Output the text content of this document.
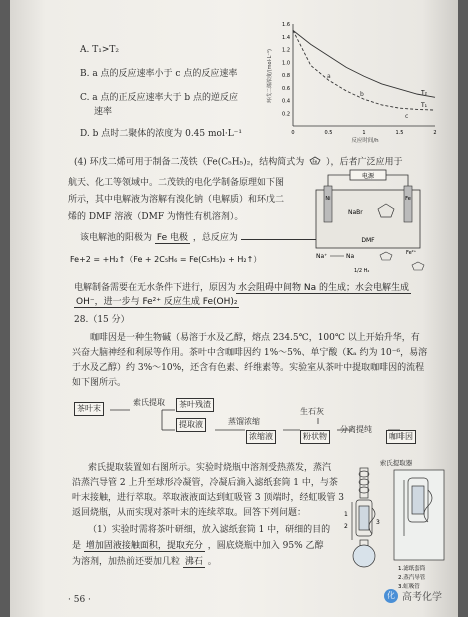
A. T₁>T₂
B. a 点的反应速率小于 c 点的反应速率
C. a 点的正反应速率大于 b 点的逆反应
速率
D. b 点时二聚体的浓度为 0.45 mol·L⁻¹
环戊二烯浓度/(mol·L⁻¹)
1.6
1.4
1.2
1.0
0.8
0.6
0.4
0.2
0	0.5	1	1.5	2
T₁
T₂
反应时间/h
a
b
c
(4) 环戊二烯可用于制备二茂铁（Fe(C₅H₅)₂，结构简式为 Fe ），后者广泛应用于
航天、化工等领域中。二茂铁的电化学制备原理如下图
所示，其中电解液为溶解有溴化钠（电解质）和环戊二
烯的 DMF 溶液（DMF 为惰性有机溶剂）。
该电解池的阳极为 Fe 电极 ，总反应为
Fe+2 = +H₂↑（Fe + 2C₅H₆ = Fe(C₅H₅)₂ + H₂↑）
电源
Ni	Fe
NaBr
DMF
Na⁺	Na
1/2 H₂
Fe²⁺
电解制备需要在无水条件下进行，原因为 水会阻碍中间物 Na 的生成；水会电解生成
OH⁻，进一步与 Fe²⁺ 反应生成 Fe(OH)₂
28.（15 分）
咖啡因是一种生物碱（易溶于水及乙醇，熔点 234.5℃，100℃ 以上开始升华，有
兴奋大脑神经和利尿等作用。茶叶中含咖啡因约 1%～5%、单宁酸（Kₐ 约为 10⁻⁶，易溶
于水及乙醇）约 3%～10%，还含有色素、纤维素等。实验室从茶叶中提取咖啡因的流程
如下图所示。
茶叶末
索氏提取	茶叶残渣
提取液	蒸馏浓缩
浓缩液
生石灰
粉状物
分离提纯
咖啡因
索氏提取装置如右图所示。实验时烧瓶中溶剂受热蒸发，蒸汽
沿蒸汽导管 2 上升至球形冷凝管，冷凝后滴入滤纸套筒 1 中，与茶
叶末接触，进行萃取。萃取液液面达到虹吸管 3 顶端时，经虹吸管 3
返回烧瓶，从而实现对茶叶末的连续萃取。回答下列问题：
（1）实验时需将茶叶研细，放入滤纸套筒 1 中，研细的目的
是 增加固液接触面积，提取充分 ，圆底烧瓶中加入 95% 乙醇
为溶剂，加热前还要加几粒 沸石 。
索氏提取器
1
2
3
1.滤纸套筒
2.蒸汽导管
3.虹吸管
· 56 ·	化 高考化学
